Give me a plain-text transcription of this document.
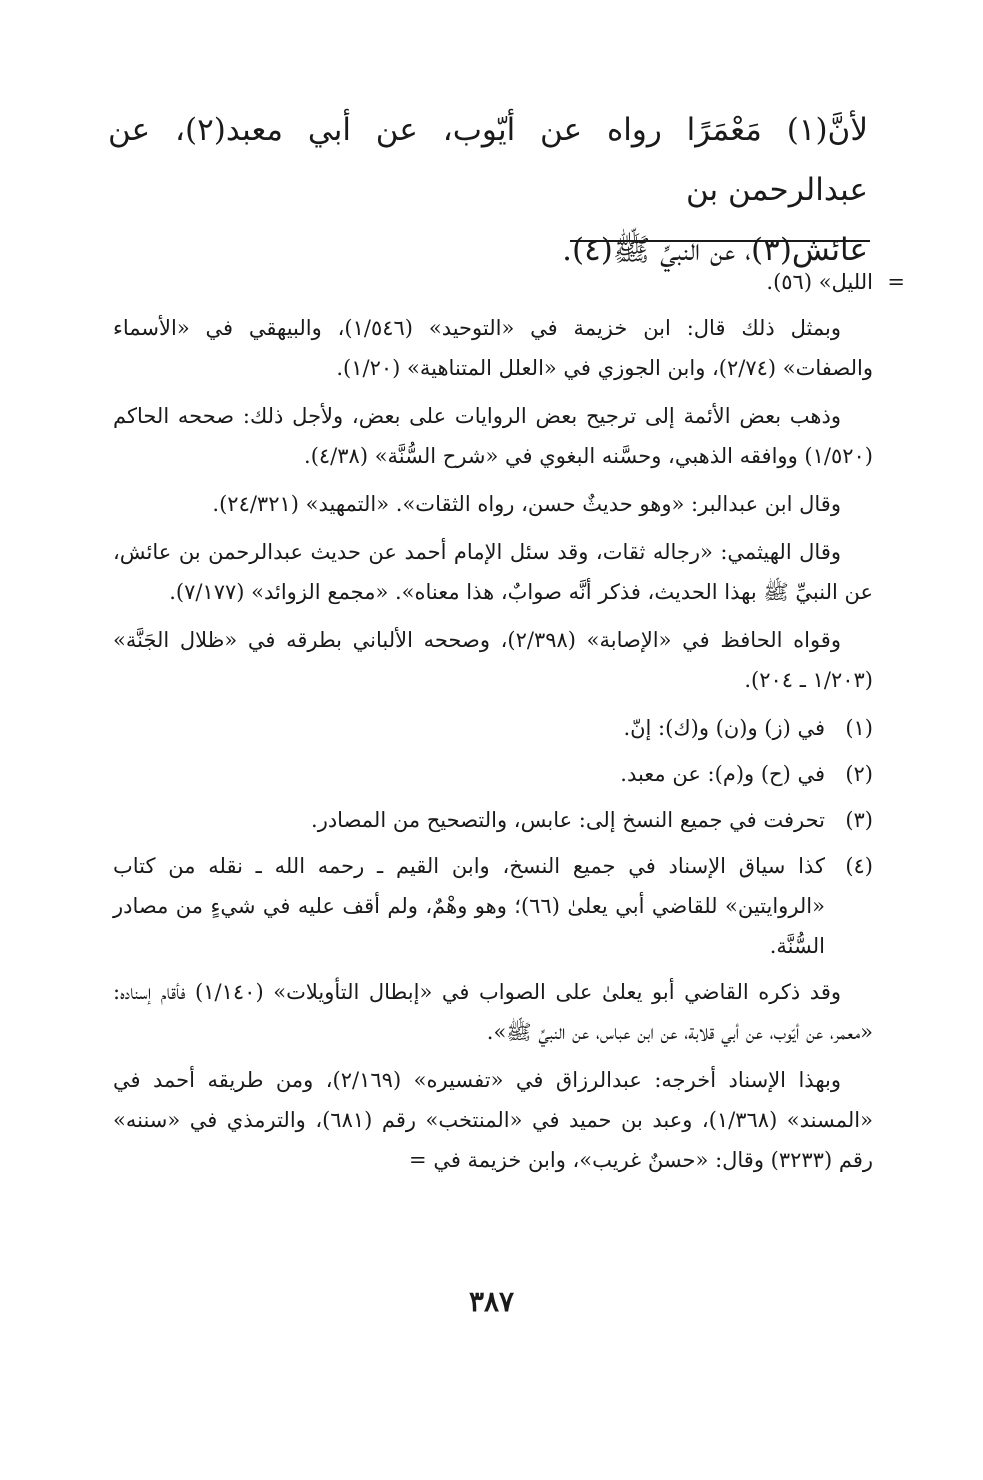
لأنَّ(١) مَعْمَرًا رواه عن أيّوب، عن أبي معبد(٢)، عن عبدالرحمن بن

عائش(٣)، عن النبيِّ ﷺ(٤).

=
الليل» (٥٦).

وبمثل ذلك قال: ابن خزيمة في «التوحيد» (١/٥٤٦)، والبيهقي في «الأسماء والصفات» (٢/٧٤)، وابن الجوزي في «العلل المتناهية» (١/٢٠).

وذهب بعض الأئمة إلى ترجيح بعض الروايات على بعض، ولأجل ذلك: صححه الحاكم (١/٥٢٠) ووافقه الذهبي، وحسَّنه البغوي في «شرح السُّنَّة» (٤/٣٨).

وقال ابن عبدالبر: «وهو حديثٌ حسن، رواه الثقات». «التمهيد» (٢٤/٣٢١).

وقال الهيثمي: «رجاله ثقات، وقد سئل الإمام أحمد عن حديث عبدالرحمن بن عائش، عن النبيِّ ﷺ بهذا الحديث، فذكر أنَّه صوابٌ، هذا معناه». «مجمع الزوائد» (٧/١٧٧).

وقواه الحافظ في «الإصابة» (٢/٣٩٨)، وصححه الألباني بطرقه في «ظلال الجَنَّة» (١/٢٠٣ ـ ٢٠٤).

(١)
في (ز) و(ن) و(ك): إنّ.
(٢)
في (ح) و(م): عن معبد.
(٣)
تحرفت في جميع النسخ إلى: عابس، والتصحيح من المصادر.
(٤)
كذا سياق الإسناد في جميع النسخ، وابن القيم ـ رحمه الله ـ نقله من كتاب «الروايتين» للقاضي أبي يعلىٰ (٦٦)؛ وهو وهْمٌ، ولم أقف عليه في شيءٍ من مصادر السُّنَّة.

وقد ذكره القاضي أبو يعلىٰ على الصواب في «إبطال التأويلات» (١/١٤٠) فأقام إسناده: «معمر، عن أيّوب، عن أبي قلابة، عن ابن عباس، عن النبيِّ ﷺ».

وبهذا الإسناد أخرجه: عبدالرزاق في «تفسيره» (٢/١٦٩)، ومن طريقه أحمد في «المسند» (١/٣٦٨)، وعبد بن حميد في «المنتخب» رقم (٦٨١)، والترمذي في «سننه» رقم (٣٢٣٣) وقال: «حسنٌ غريب»، وابن خزيمة في =

٣٨٧
